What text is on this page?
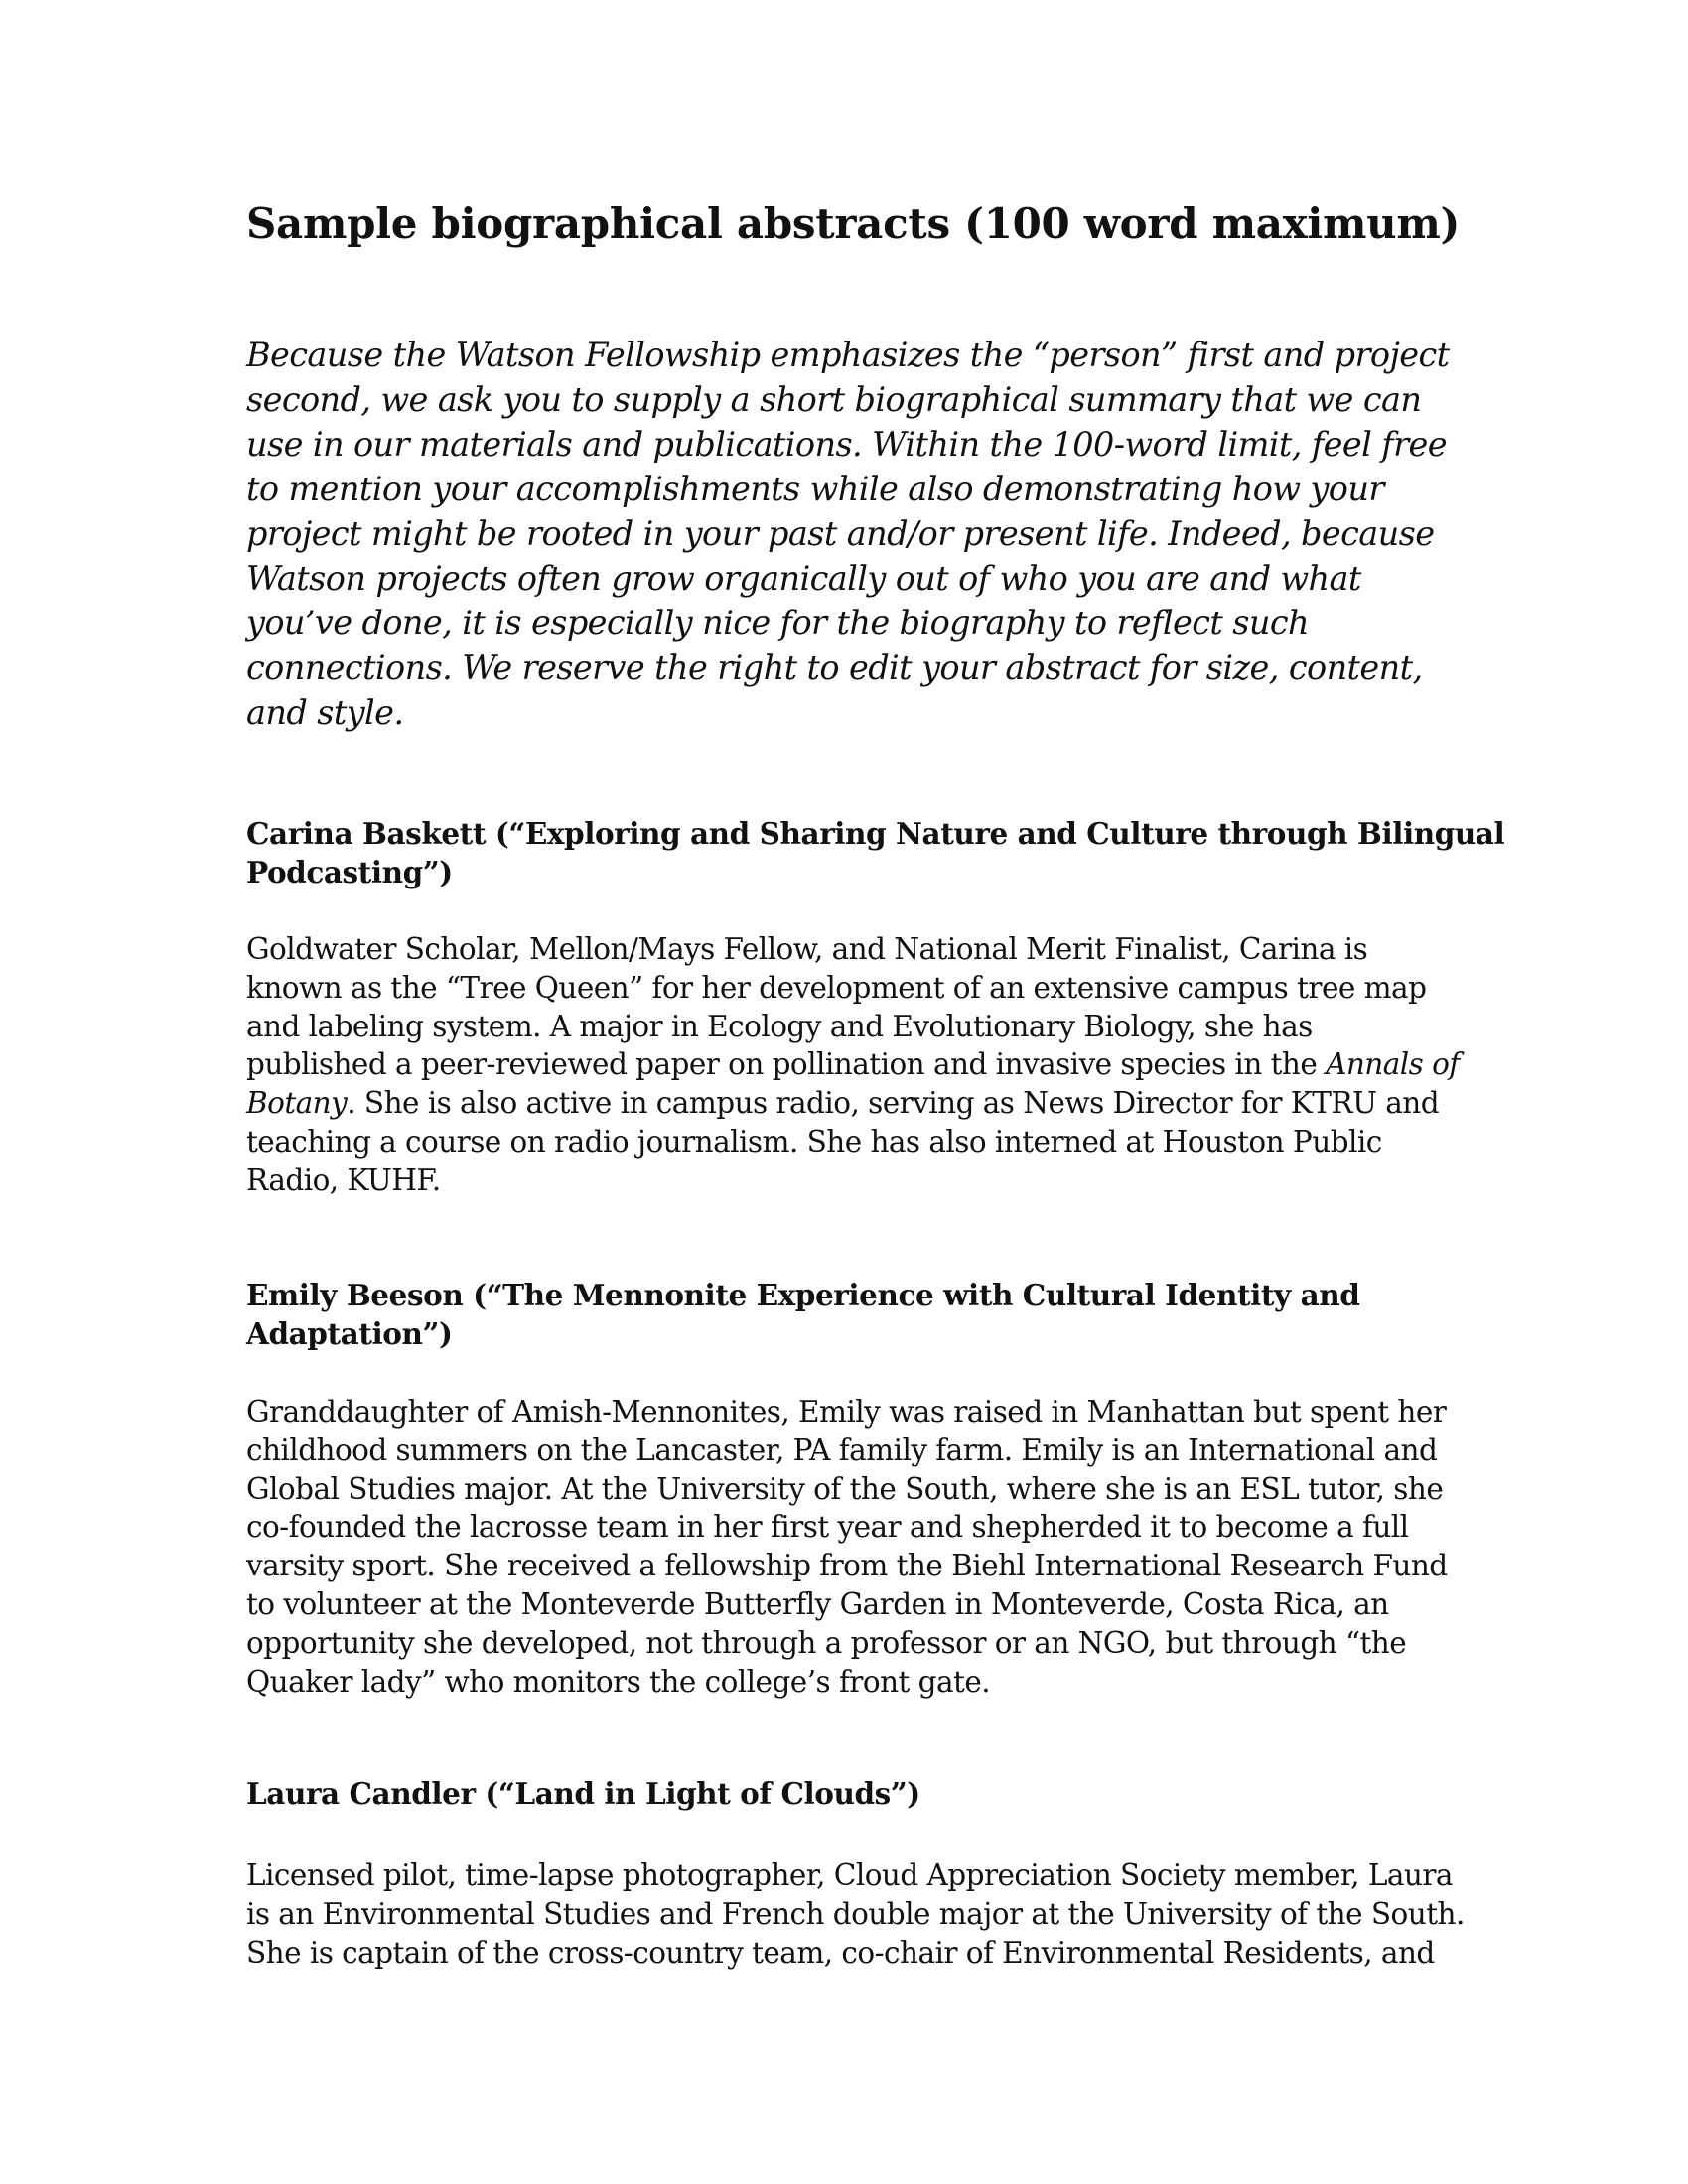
Sample biographical abstracts (100 word maximum)
Because the Watson Fellowship emphasizes the “person” first and project
second, we ask you to supply a short biographical summary that we can
use in our materials and publications. Within the 100-word limit, feel free
to mention your accomplishments while also demonstrating how your
project might be rooted in your past and/or present life. Indeed, because
Watson projects often grow organically out of who you are and what
you’ve done, it is especially nice for the biography to reflect such
connections. We reserve the right to edit your abstract for size, content,
and style.
Carina Baskett (“Exploring and Sharing Nature and Culture through Bilingual
Podcasting”)
Goldwater Scholar, Mellon/Mays Fellow, and National Merit Finalist, Carina is
known as the “Tree Queen” for her development of an extensive campus tree map
and labeling system. A major in Ecology and Evolutionary Biology, she has
published a peer-reviewed paper on pollination and invasive species in the Annals of
Botany. She is also active in campus radio, serving as News Director for KTRU and
teaching a course on radio journalism. She has also interned at Houston Public
Radio, KUHF.
Emily Beeson (“The Mennonite Experience with Cultural Identity and
Adaptation”)
Granddaughter of Amish-Mennonites, Emily was raised in Manhattan but spent her
childhood summers on the Lancaster, PA family farm. Emily is an International and
Global Studies major. At the University of the South, where she is an ESL tutor, she
co-founded the lacrosse team in her first year and shepherded it to become a full
varsity sport. She received a fellowship from the Biehl International Research Fund
to volunteer at the Monteverde Butterfly Garden in Monteverde, Costa Rica, an
opportunity she developed, not through a professor or an NGO, but through “the
Quaker lady” who monitors the college’s front gate.
Laura Candler (“Land in Light of Clouds”)
Licensed pilot, time-lapse photographer, Cloud Appreciation Society member, Laura
is an Environmental Studies and French double major at the University of the South.
She is captain of the cross-country team, co-chair of Environmental Residents, and
